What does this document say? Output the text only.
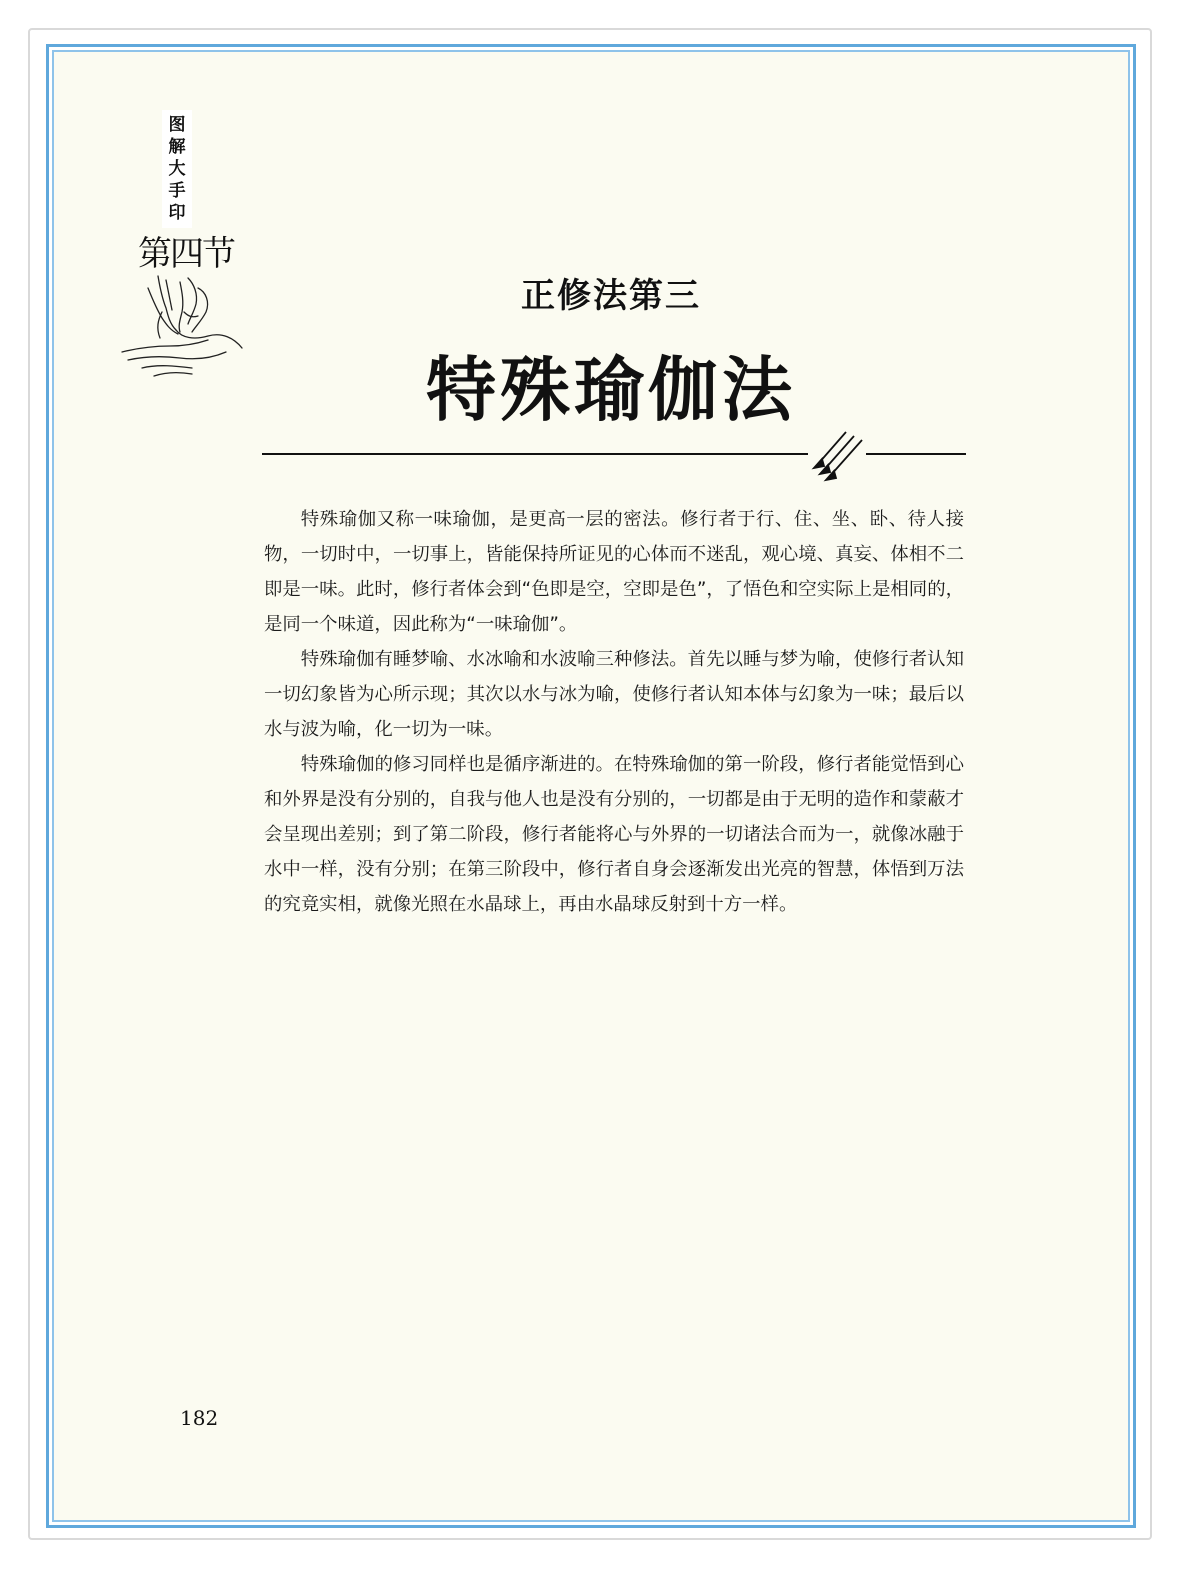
图
解
大
手
印
第四节
正修法第三
特殊瑜伽法

特殊瑜伽又称一味瑜伽，是更高一层的密法。修行者于行、住、坐、卧、待人接物，一切时中，一切事上，皆能保持所证见的心体而不迷乱，观心境、真妄、体相不二即是一味。此时，修行者体会到“色即是空，空即是色”，了悟色和空实际上是相同的，是同一个味道，因此称为“一味瑜伽”。

特殊瑜伽有睡梦喻、水冰喻和水波喻三种修法。首先以睡与梦为喻，使修行者认知一切幻象皆为心所示现；其次以水与冰为喻，使修行者认知本体与幻象为一味；最后以水与波为喻，化一切为一味。

特殊瑜伽的修习同样也是循序渐进的。在特殊瑜伽的第一阶段，修行者能觉悟到心和外界是没有分别的，自我与他人也是没有分别的，一切都是由于无明的造作和蒙蔽才会呈现出差别；到了第二阶段，修行者能将心与外界的一切诸法合而为一，就像冰融于水中一样，没有分别；在第三阶段中，修行者自身会逐渐发出光亮的智慧，体悟到万法的究竟实相，就像光照在水晶球上，再由水晶球反射到十方一样。

182
